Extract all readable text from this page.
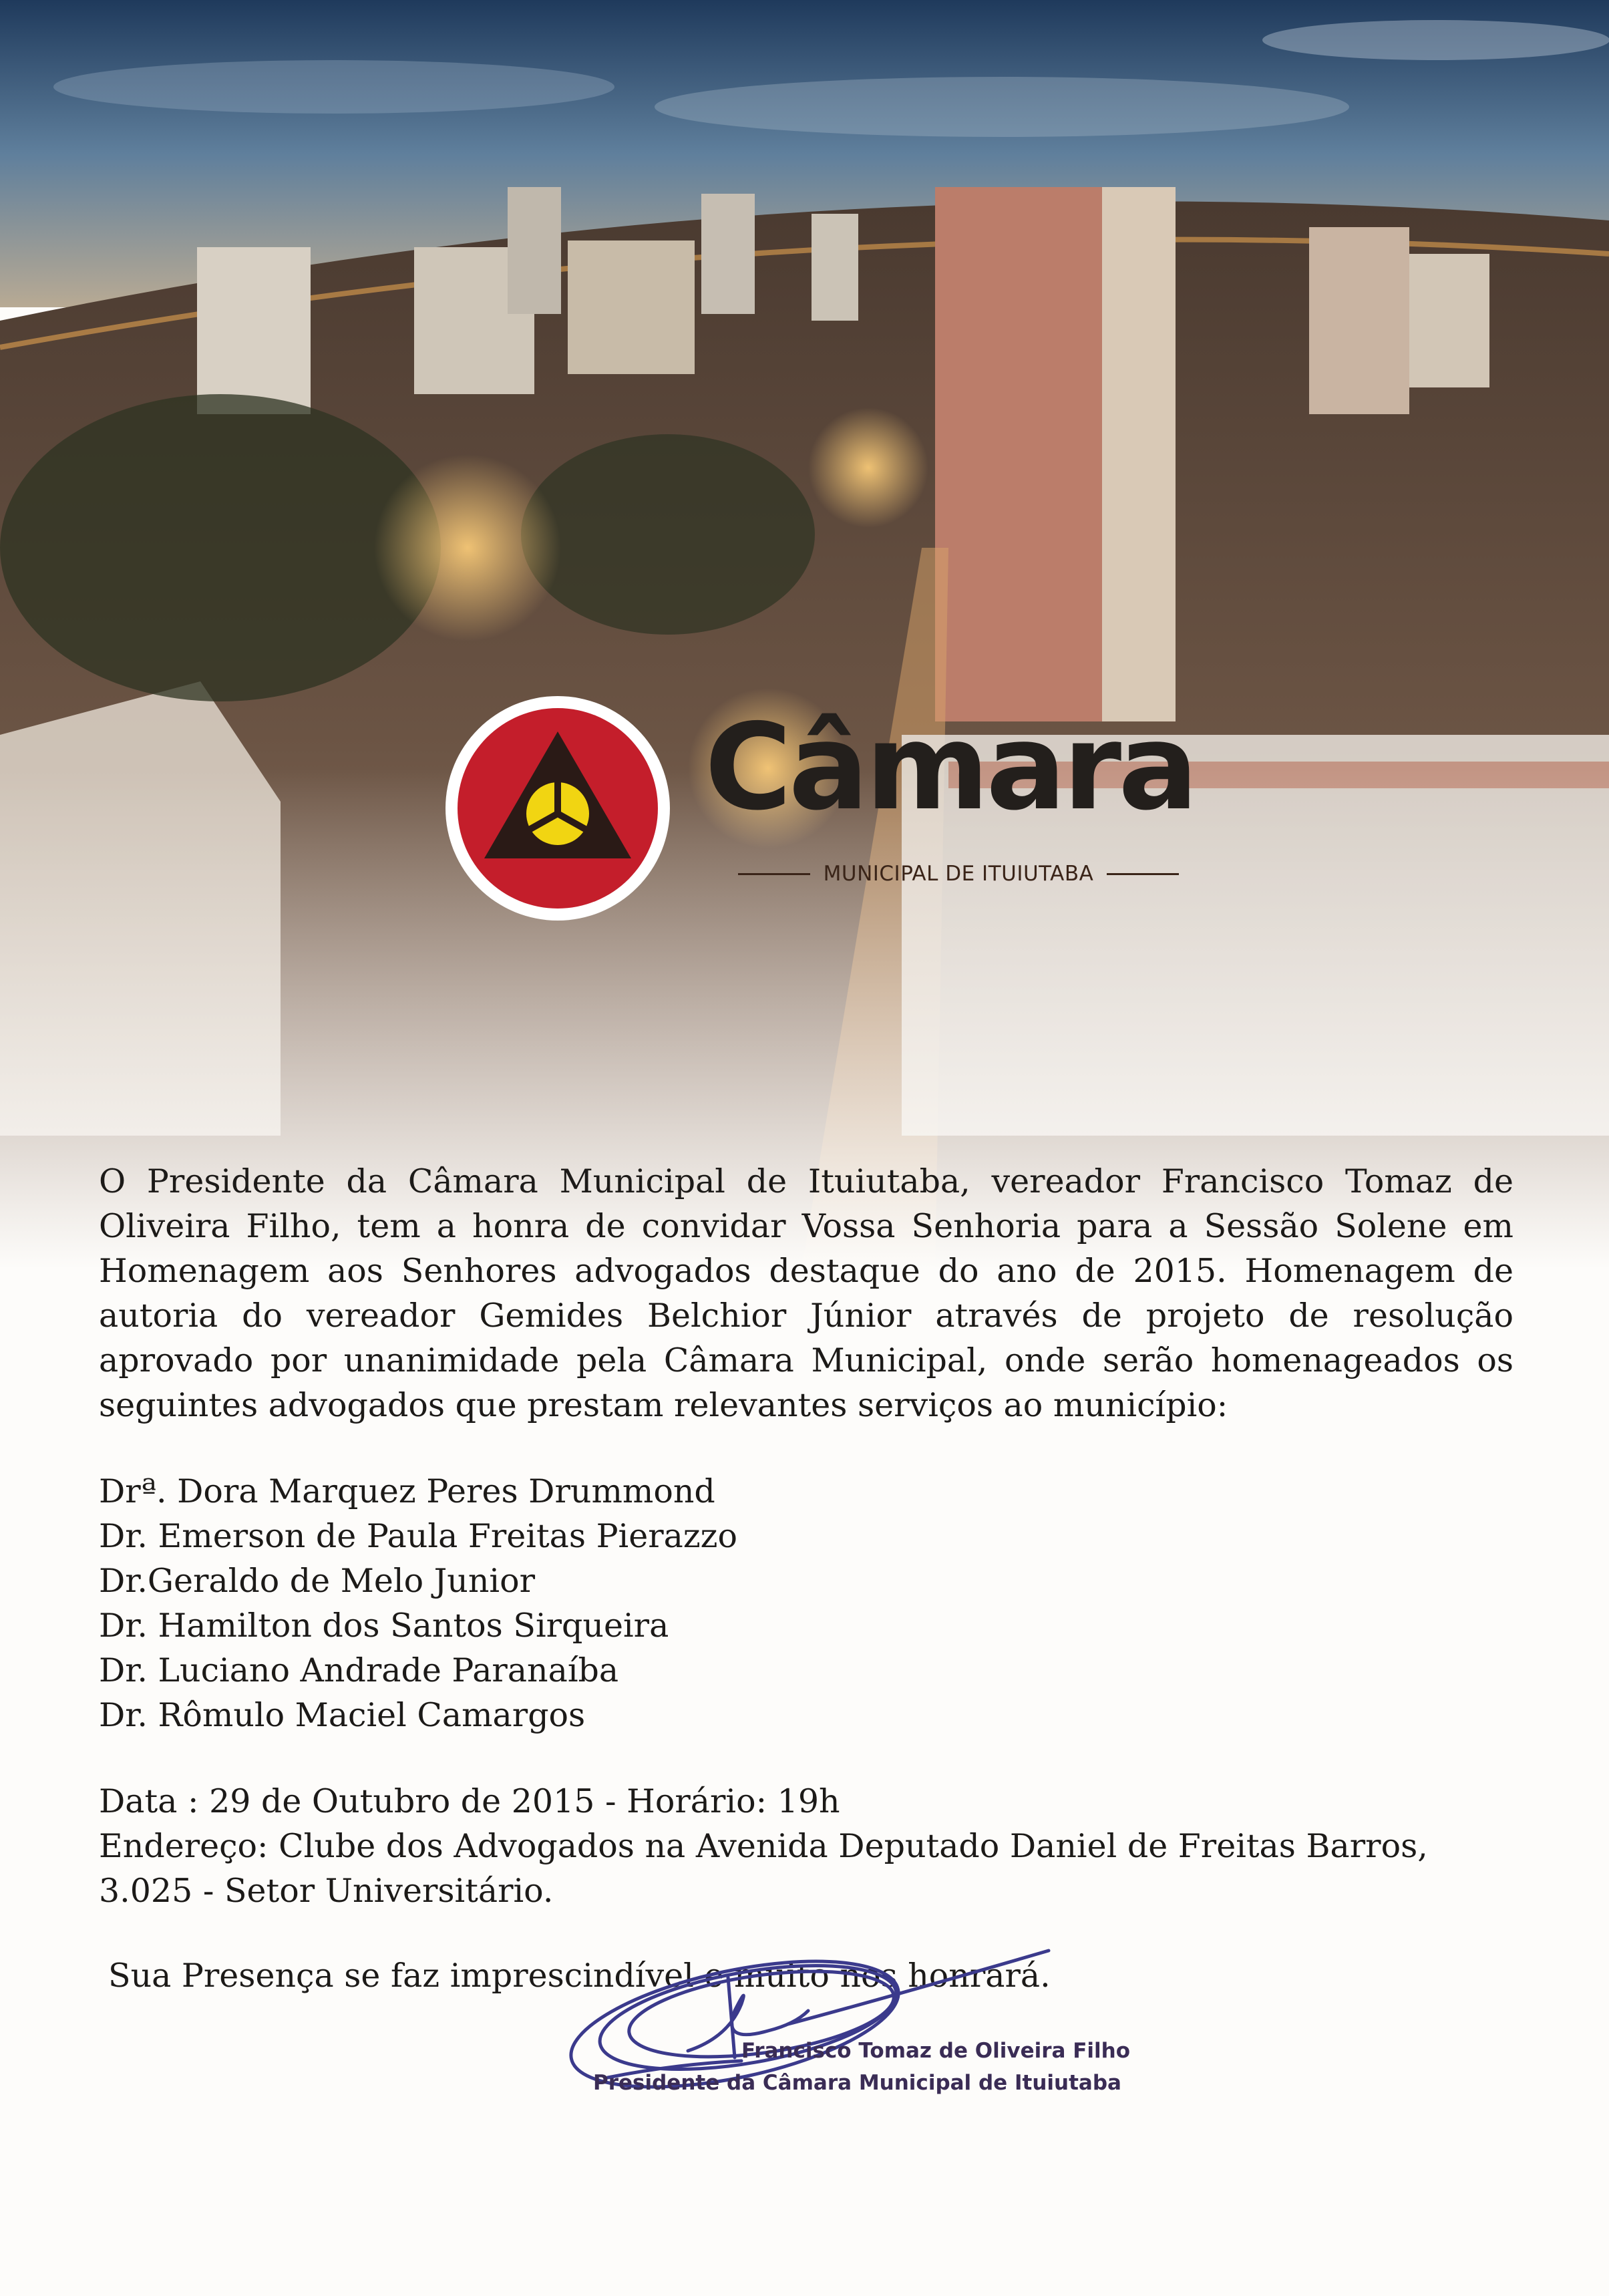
Câmara
MUNICIPAL DE ITUIUTABA

O Presidente da Câmara Municipal de Ituiutaba, vereador Francisco Tomaz de Oliveira Filho, tem a honra de convidar Vossa Senhoria para a Sessão Solene em Homenagem aos Senhores advogados destaque do ano de 2015. Homenagem de autoria do vereador Gemides Belchior Júnior através de projeto de resolução aprovado por unanimidade pela Câmara Municipal, onde serão homenageados os seguintes advogados que prestam relevantes serviços ao município:

Drª. Dora Marquez Peres Drummond
Dr. Emerson de Paula Freitas Pierazzo
Dr.Geraldo de Melo Junior
Dr. Hamilton dos Santos Sirqueira
Dr. Luciano Andrade Paranaíba
Dr. Rômulo Maciel Camargos

Data : 29 de Outubro de 2015 - Horário: 19h

Endereço: Clube dos Advogados na Avenida Deputado Daniel de Freitas Barros, 3.025 - Setor Universitário.

Sua Presença se faz imprescindível e muito nos honrará.

Francisco Tomaz de Oliveira Filho
Presidente da Câmara Municipal de Ituiutaba
